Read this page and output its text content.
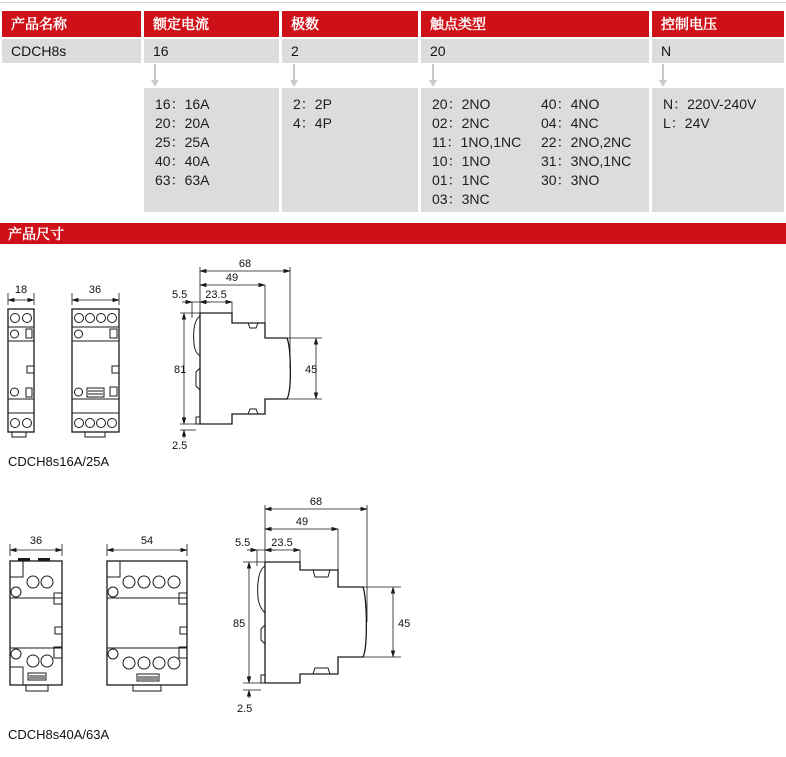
产品名称	额定电流	极数	触点类型	控制电压
CDCH8s	16	2	20	N
16：16A
20：20A
25：25A
40：40A
63：63A
2：2P
4：4P
20：2NO
02：2NC
11：1NO,1NC
10：1NO
01：1NC
03：3NC
40：4NO
04：4NC
22：2NO,2NC
31：3NO,1NC
30：3NO
N：220V-240V
L：24V
产品尺寸
18	36
68
49
5.5 23.5
81
2.5
45
CDCH8s16A/25A
36	54
68
49
5.5 23.5
85
2.5
45
CDCH8s40A/63A
